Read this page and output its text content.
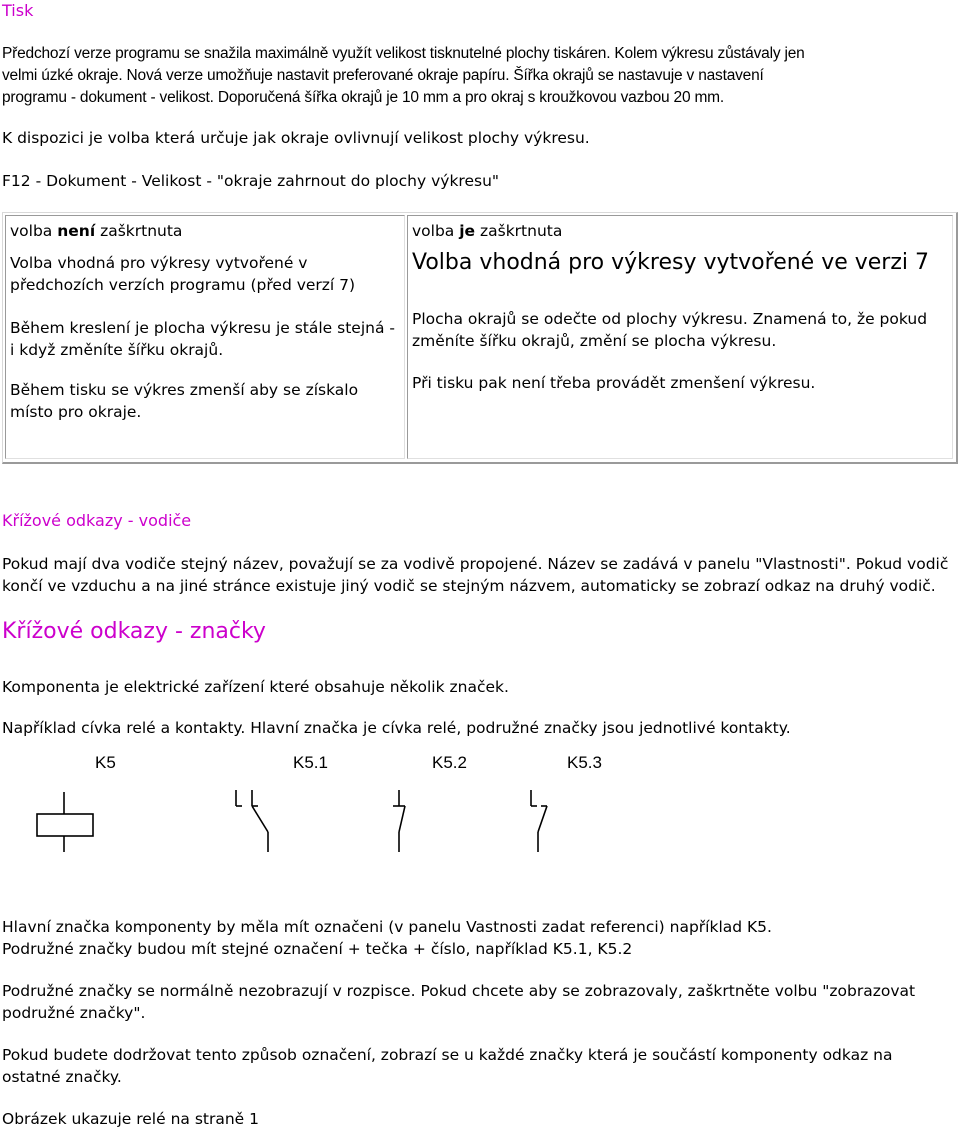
Tisk
Předchozí verze programu se snažila maximálně využít velikost tisknutelné plochy tiskáren. Kolem výkresu zůstávaly jen
velmi úzké okraje. Nová verze umožňuje nastavit preferované okraje papíru. Šířka okrajů se nastavuje v nastavení
programu - dokument - velikost. Doporučená šířka okrajů je 10 mm a pro okraj s kroužkovou vazbou 20 mm.
K dispozici je volba která určuje jak okraje ovlivnují velikost plochy výkresu.
F12 - Dokument - Velikost - "okraje zahrnout do plochy výkresu"
volba není zaškrtnuta
Volba vhodná pro výkresy vytvořené v
předchozích verzích programu (před verzí 7)
Během kreslení je plocha výkresu je stále stejná -
i když změníte šířku okrajů.
Během tisku se výkres zmenší aby se získalo
místo pro okraje.
volba je zaškrtnuta
Volba vhodná pro výkresy vytvořené ve verzi 7
Plocha okrajů se odečte od plochy výkresu. Znamená to, že pokud
změníte šířku okrajů, změní se plocha výkresu.
Při tisku pak není třeba provádět zmenšení výkresu.
Křížové odkazy - vodiče
Pokud mají dva vodiče stejný název, považují se za vodivě propojené. Název se zadává v panelu "Vlastnosti". Pokud vodič
končí ve vzduchu a na jiné stránce existuje jiný vodič se stejným názvem, automaticky se zobrazí odkaz na druhý vodič.
Křížové odkazy - značky
Komponenta je elektrické zařízení které obsahuje několik značek.
Například cívka relé a kontakty. Hlavní značka je cívka relé, podružné značky jsou jednotlivé kontakty.
K5	K5.1	K5.2	K5.3
Hlavní značka komponenty by měla mít označeni (v panelu Vastnosti zadat referenci) například K5.
Podružné značky budou mít stejné označení + tečka + číslo, například K5.1, K5.2
Podružné značky se normálně nezobrazují v rozpisce. Pokud chcete aby se zobrazovaly, zaškrtněte volbu "zobrazovat
podružné značky".
Pokud budete dodržovat tento způsob označení, zobrazí se u každé značky která je součástí komponenty odkaz na
ostatné značky.
Obrázek ukazuje relé na straně 1
